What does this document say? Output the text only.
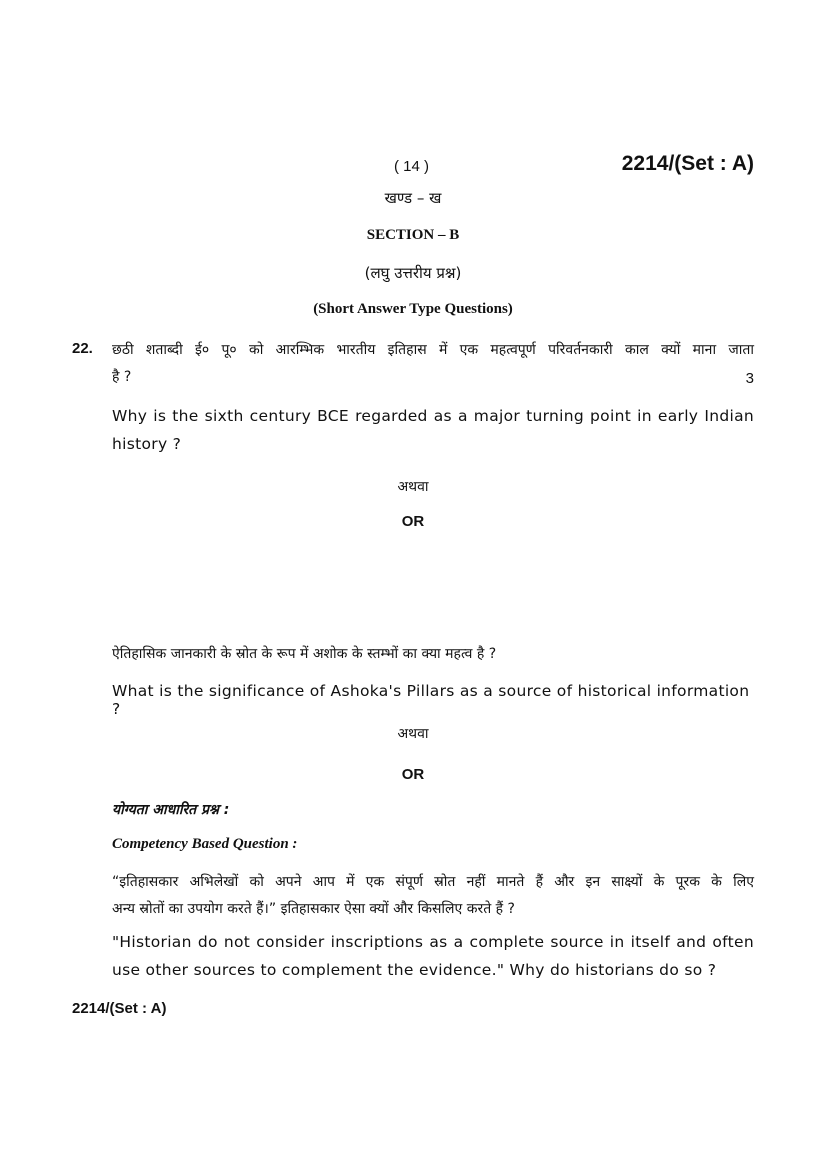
( 14 )	2214/(Set : A)
खण्ड – ख
SECTION – B
(लघु उत्तरीय प्रश्न)
(Short Answer Type Questions)
22. छठी शताब्दी ई० पू० को आरम्भिक भारतीय इतिहास में एक महत्वपूर्ण परिवर्तनकारी काल क्यों माना जाता
है ?	3
Why is the sixth century BCE regarded as a major turning point in early Indian
history ?
अथवा
OR
ऐतिहासिक जानकारी के स्रोत के रूप में अशोक के स्तम्भों का क्या महत्व है ?
What is the significance of Ashoka's Pillars as a source of historical information ?
अथवा
OR
योग्यता आधारित प्रश्न :
Competency Based Question :
“इतिहासकार अभिलेखों को अपने आप में एक संपूर्ण स्रोत नहीं मानते हैं और इन साक्ष्यों के पूरक के लिए
अन्य स्रोतों का उपयोग करते हैं।” इतिहासकार ऐसा क्यों और किसलिए करते हैं ?
"Historian do not consider inscriptions as a complete source in itself and often
use other sources to complement the evidence." Why do historians do so ?
2214/(Set : A)
